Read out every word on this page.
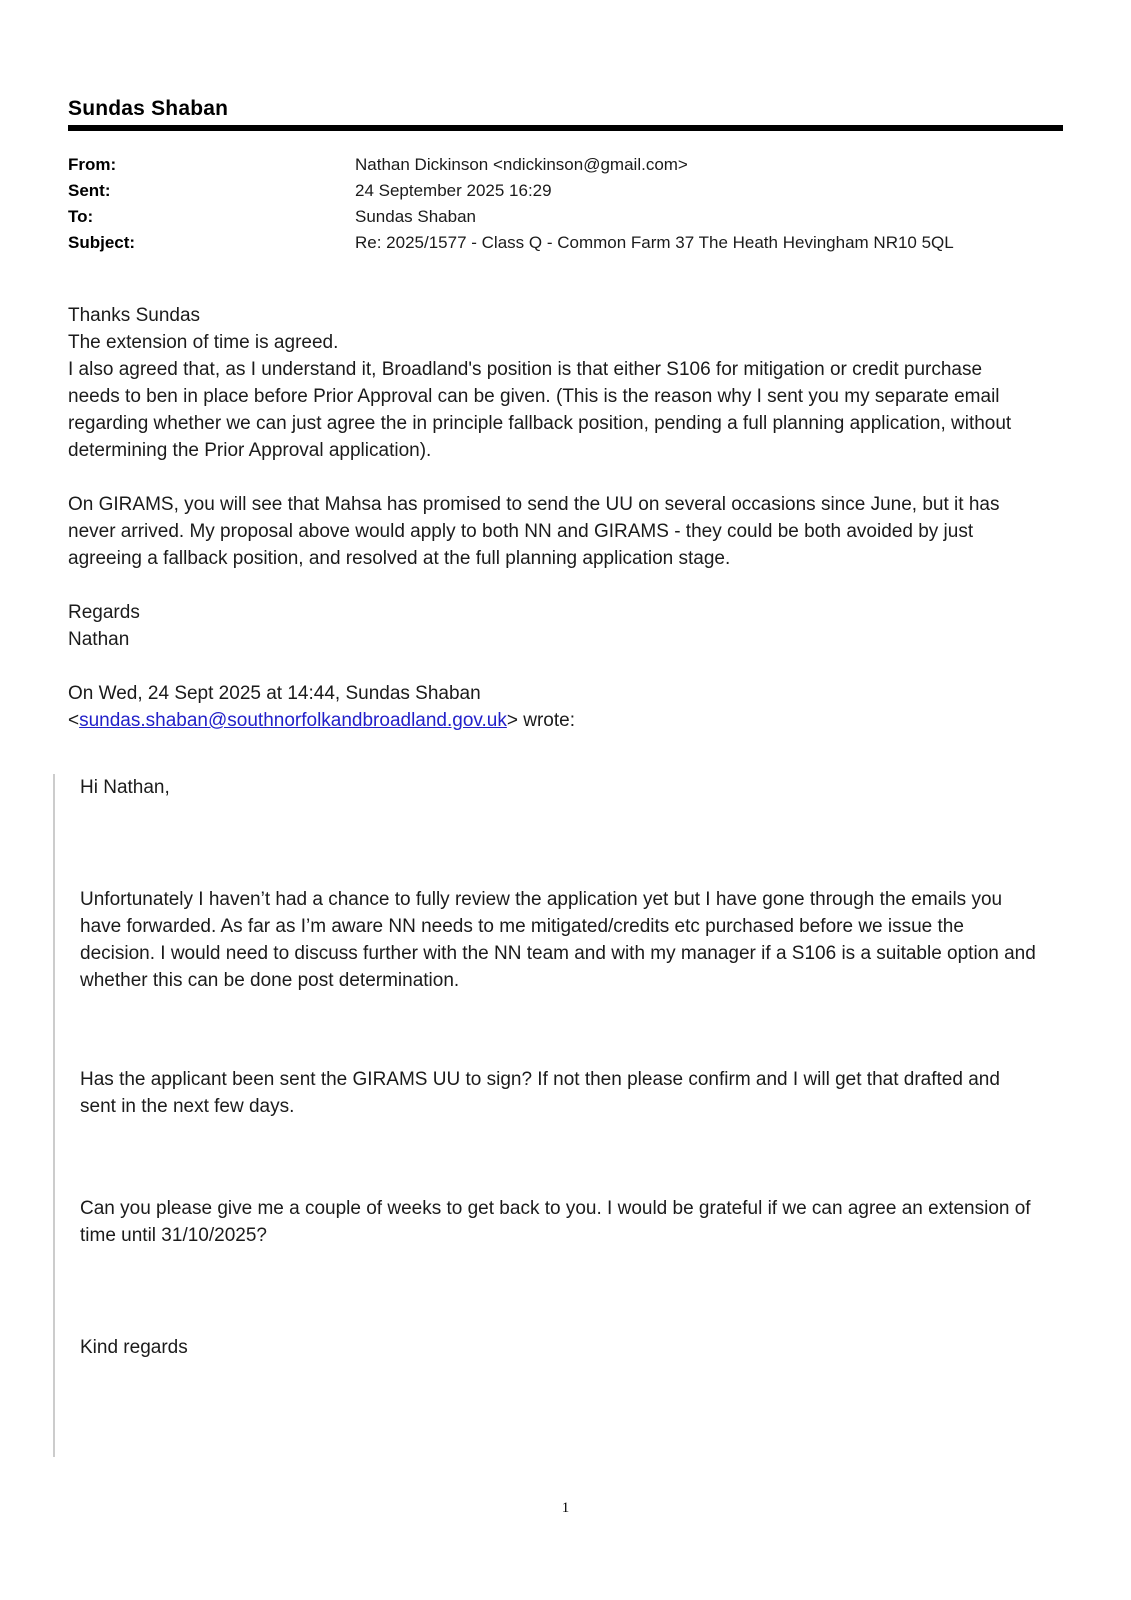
Sundas Shaban
From:	Nathan Dickinson <ndickinson@gmail.com>
Sent:	24 September 2025 16:29
To:	Sundas Shaban
Subject:	Re: 2025/1577 - Class Q - Common Farm 37 The Heath Hevingham NR10 5QL
Thanks Sundas
The extension of time is agreed.
I also agreed that, as I understand it, Broadland's position is that either S106 for mitigation or credit purchase needs to ben in place before Prior Approval can be given. (This is the reason why I sent you my separate email regarding whether we can just agree the in principle fallback position, pending a full planning application, without determining the Prior Approval application).
On GIRAMS, you will see that Mahsa has promised to send the UU on several occasions since June, but it has never arrived. My proposal above would apply to both NN and GIRAMS - they could be both avoided by just agreeing a fallback position, and resolved at the full planning application stage.
Regards
Nathan
On Wed, 24 Sept 2025 at 14:44, Sundas Shaban
<sundas.shaban@southnorfolkandbroadland.gov.uk> wrote:
Hi Nathan,
Unfortunately I haven’t had a chance to fully review the application yet but I have gone through the emails you have forwarded. As far as I’m aware NN needs to me mitigated/credits etc purchased before we issue the decision. I would need to discuss further with the NN team and with my manager if a S106 is a suitable option and whether this can be done post determination.
Has the applicant been sent the GIRAMS UU to sign? If not then please confirm and I will get that drafted and sent in the next few days.
Can you please give me a couple of weeks to get back to you. I would be grateful if we can agree an extension of time until 31/10/2025?
Kind regards
1
